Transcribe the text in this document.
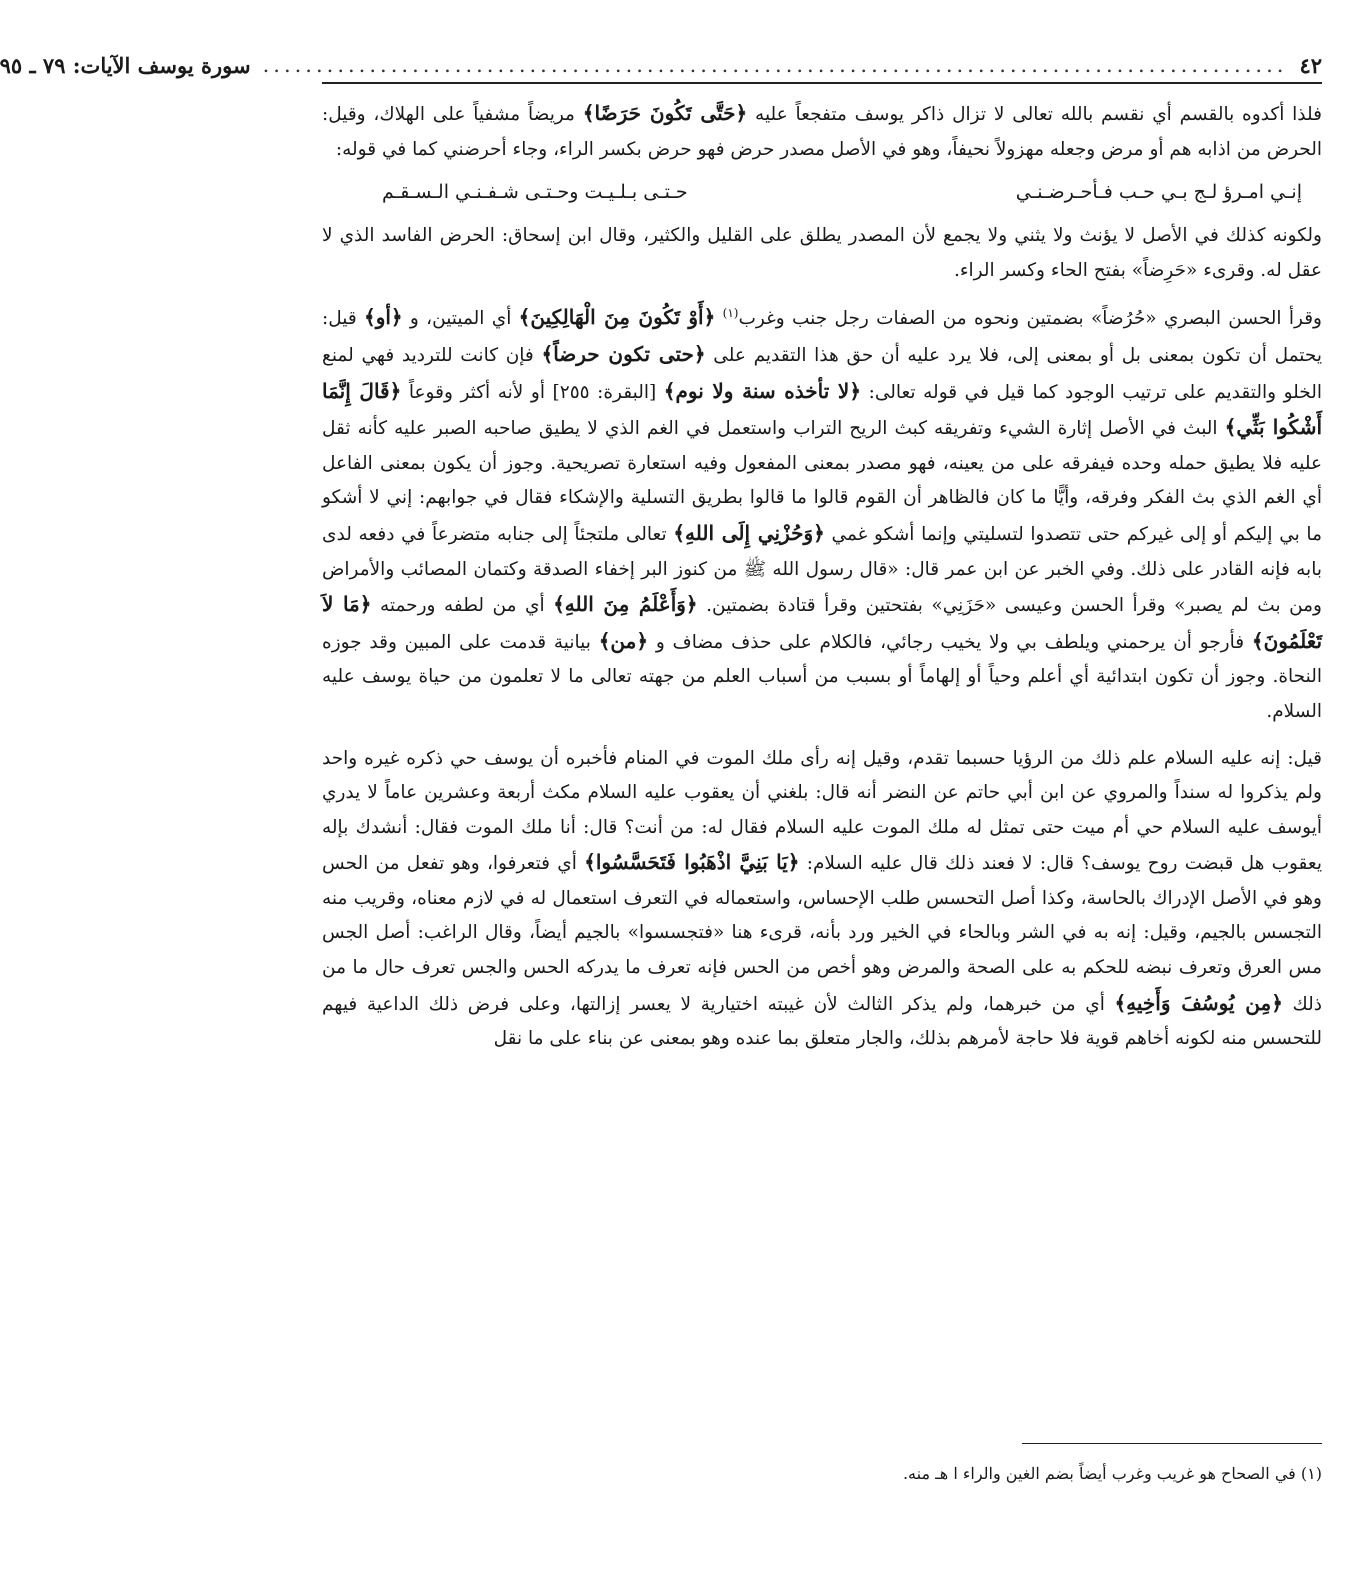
٤٢
................................................................................................
سورة يوسف الآيات: ٧٩ ـ ٩٥

فلذا أكدوه بالقسم أي نقسم بالله تعالى لا تزال ذاكر يوسف متفجعاً عليه ﴿ حَتَّى تَكُونَ حَرَضًا ﴾ مريضاً مشفياً على الهلاك، وقيل: الحرض من اذابه هم أو مرض وجعله مهزولاً نحيفاً، وهو في الأصل مصدر حرض فهو حرض بكسر الراء، وجاء أحرضني كما في قوله:

إنـي امـرؤ لـج بـي حـب فـأحـرضـنـي
حـتـى بـلـيـت وحـتـى شـفـنـي الـسـقـم

ولكونه كذلك في الأصل لا يؤنث ولا يثني ولا يجمع لأن المصدر يطلق على القليل والكثير، وقال ابن إسحاق: الحرض الفاسد الذي لا عقل له. وقرىء «حَرِضاً» بفتح الحاء وكسر الراء.

وقرأ الحسن البصري «حُرُضاً» بضمتين ونحوه من الصفات رجل جنب وغرب$^{(١)}$ ﴿ أَوْ تَكُونَ مِنَ الْهَالِكِينَ ﴾ أي الميتين، و ﴿ أو ﴾ قيل: يحتمل أن تكون بمعنى بل أو بمعنى إلى، فلا يرد عليه أن حق هذا التقديم على ﴿ حتى تكون حرضاً ﴾ فإن كانت للترديد فهي لمنع الخلو والتقديم على ترتيب الوجود كما قيل في قوله تعالى: ﴿ لا تأخذه سنة ولا نوم ﴾ [البقرة: ٢٥٥] أو لأنه أكثر وقوعاً ﴿ قَالَ إِنَّمَا أَشْكُوا بَثِّي ﴾ البث في الأصل إثارة الشيء وتفريقه كبث الريح التراب واستعمل في الغم الذي لا يطيق صاحبه الصبر عليه كأنه ثقل عليه فلا يطيق حمله وحده فيفرقه على من يعينه، فهو مصدر بمعنى المفعول وفيه استعارة تصريحية. وجوز أن يكون بمعنى الفاعل أي الغم الذي بث الفكر وفرقه، وأيًّا ما كان فالظاهر أن القوم قالوا ما قالوا بطريق التسلية والإشكاء فقال في جوابهم: إني لا أشكو ما بي إليكم أو إلى غيركم حتى تتصدوا لتسليتي وإنما أشكو غمي ﴿ وَحُزْنِي إِلَى اللهِ ﴾ تعالى ملتجئاً إلى جنابه متضرعاً في دفعه لدى بابه فإنه القادر على ذلك. وفي الخبر عن ابن عمر قال: «قال رسول الله ﷺ من كنوز البر إخفاء الصدقة وكتمان المصائب والأمراض ومن بث لم يصبر» وقرأ الحسن وعيسى «حَزَنِي» بفتحتين وقرأ قتادة بضمتين. ﴿ وَأَعْلَمُ مِنَ اللهِ ﴾ أي من لطفه ورحمته ﴿ مَا لاَ تَعْلَمُونَ ﴾ فأرجو أن يرحمني ويلطف بي ولا يخيب رجائي، فالكلام على حذف مضاف و ﴿ من ﴾ بيانية قدمت على المبين وقد جوزه النحاة. وجوز أن تكون ابتدائية أي أعلم وحياً أو إلهاماً أو بسبب من أسباب العلم من جهته تعالى ما لا تعلمون من حياة يوسف عليه السلام.

قيل: إنه عليه السلام علم ذلك من الرؤيا حسبما تقدم، وقيل إنه رأى ملك الموت في المنام فأخبره أن يوسف حي ذكره غيره واحد ولم يذكروا له سنداً والمروي عن ابن أبي حاتم عن النضر أنه قال: بلغني أن يعقوب عليه السلام مكث أربعة وعشرين عاماً لا يدري أيوسف عليه السلام حي أم ميت حتى تمثل له ملك الموت عليه السلام فقال له: من أنت؟ قال: أنا ملك الموت فقال: أنشدك بإله يعقوب هل قبضت روح يوسف؟ قال: لا فعند ذلك قال عليه السلام: ﴿ يَا بَنِيَّ اذْهَبُوا فَتَحَسَّسُوا ﴾ أي فتعرفوا، وهو تفعل من الحس وهو في الأصل الإدراك بالحاسة، وكذا أصل التحسس طلب الإحساس، واستعماله في التعرف استعمال له في لازم معناه، وقريب منه التجسس بالجيم، وقيل: إنه به في الشر وبالحاء في الخير ورد بأنه، قرىء هنا «فتجسسوا» بالجيم أيضاً، وقال الراغب: أصل الجس مس العرق وتعرف نبضه للحكم به على الصحة والمرض وهو أخص من الحس فإنه تعرف ما يدركه الحس والجس تعرف حال ما من ذلك ﴿ مِن يُوسُفَ وَأَخِيهِ ﴾ أي من خبرهما، ولم يذكر الثالث لأن غيبته اختيارية لا يعسر إزالتها، وعلى فرض ذلك الداعية فيهم للتحسس منه لكونه أخاهم قوية فلا حاجة لأمرهم بذلك، والجار متعلق بما عنده وهو بمعنى عن بناء على ما نقل

(١) في الصحاح هو غريب وغرب أيضاً بضم الغين والراء ا هـ منه.
